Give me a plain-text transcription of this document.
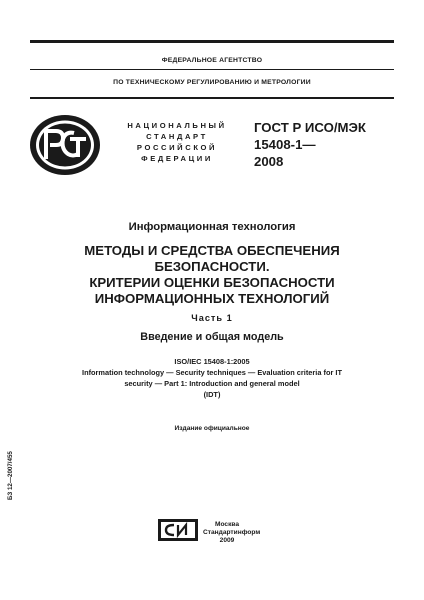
ФЕДЕРАЛЬНОЕ АГЕНТСТВО
ПО ТЕХНИЧЕСКОМУ РЕГУЛИРОВАНИЮ И МЕТРОЛОГИИ
НАЦИОНАЛЬНЫЙ
СТАНДАРТ
РОССИЙСКОЙ
ФЕДЕРАЦИИ
ГОСТ Р ИСО/МЭК
15408-1—
2008
Информационная технология
МЕТОДЫ И СРЕДСТВА ОБЕСПЕЧЕНИЯ
БЕЗОПАСНОСТИ.
КРИТЕРИИ ОЦЕНКИ БЕЗОПАСНОСТИ
ИНФОРМАЦИОННЫХ ТЕХНОЛОГИЙ
Часть 1
Введение и общая модель
ISO/IEC 15408-1:2005
Information technology — Security techniques — Evaluation criteria for IT
security — Part 1: Introduction and general model
(IDT)
Издание официальное
БЗ 12—2007/455
Москва
Стандартинформ
2009
